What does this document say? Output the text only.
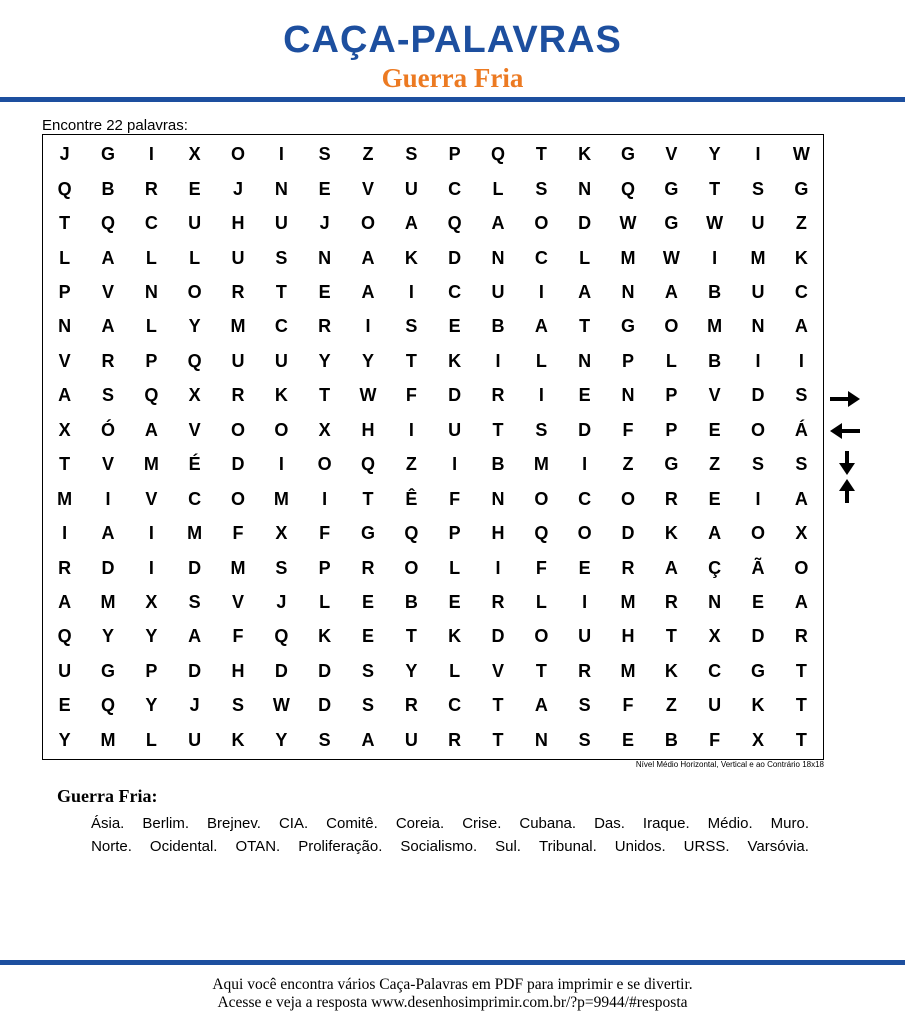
CAÇA-PALAVRAS
Guerra Fria
Encontre 22 palavras:
J	G	I	X	O	I	S	Z	S	P	Q	T	K	G	V	Y	I	W
Q	B	R	E	J	N	E	V	U	C	L	S	N	Q	G	T	S	G
T	Q	C	U	H	U	J	O	A	Q	A	O	D	W	G	W	U	Z
L	A	L	L	U	S	N	A	K	D	N	C	L	M	W	I	M	K
P	V	N	O	R	T	E	A	I	C	U	I	A	N	A	B	U	C
N	A	L	Y	M	C	R	I	S	E	B	A	T	G	O	M	N	A
V	R	P	Q	U	U	Y	Y	T	K	I	L	N	P	L	B	I	I
A	S	Q	X	R	K	T	W	F	D	R	I	E	N	P	V	D	S
X	Ó	A	V	O	O	X	H	I	U	T	S	D	F	P	E	O	Á
T	V	M	É	D	I	O	Q	Z	I	B	M	I	Z	G	Z	S	S
M	I	V	C	O	M	I	T	Ê	F	N	O	C	O	R	E	I	A
I	A	I	M	F	X	F	G	Q	P	H	Q	O	D	K	A	O	X
R	D	I	D	M	S	P	R	O	L	I	F	E	R	A	Ç	Ã	O
A	M	X	S	V	J	L	E	B	E	R	L	I	M	R	N	E	A
Q	Y	Y	A	F	Q	K	E	T	K	D	O	U	H	T	X	D	R
U	G	P	D	H	D	D	S	Y	L	V	T	R	M	K	C	G	T
E	Q	Y	J	S	W	D	S	R	C	T	A	S	F	Z	U	K	T
Y	M	L	U	K	Y	S	A	U	R	T	N	S	E	B	F	X	T
Nível Médio Horizontal, Vertical e ao Contrário 18x18
Guerra Fria:
Ásia. Berlim. Brejnev. CIA. Comitê. Coreia. Crise. Cubana. Das. Iraque. Médio. Muro.
Norte. Ocidental. OTAN. Proliferação. Socialismo. Sul. Tribunal. Unidos. URSS. Varsóvia.
Aqui você encontra vários Caça-Palavras em PDF para imprimir e se divertir.
Acesse e veja a resposta www.desenhosimprimir.com.br/?p=9944/#resposta
